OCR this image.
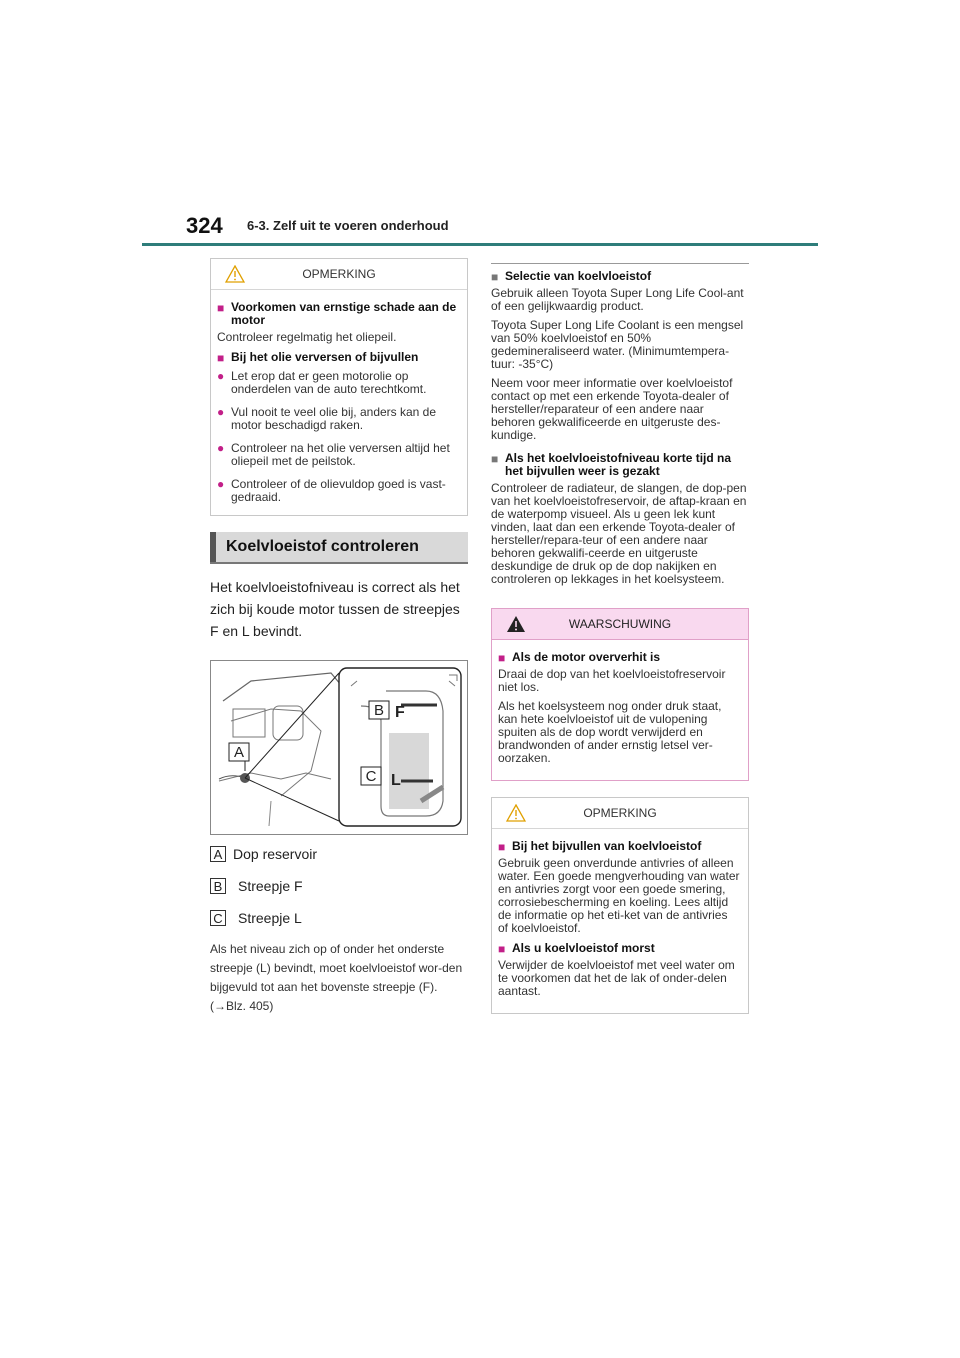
324 6-3. Zelf uit te voeren onderhoud
OPMERKING
■ Voorkomen van ernstige schade aan de motor
Controleer regelmatig het oliepeil.
■ Bij het olie verversen of bijvullen
● Let erop dat er geen motorolie op onderdelen van de auto terechtkomt.
● Vul nooit te veel olie bij, anders kan de motor beschadigd raken.
● Controleer na het olie verversen altijd het oliepeil met de peilstok.
● Controleer of de olievuldop goed is vast-gedraaid.
Koelvloeistof controleren
Het koelvloeistofniveau is correct als het zich bij koude motor tussen de streepjes F en L bevindt.
A
B
C
F
L
A Dop reservoir
B Streepje F
C Streepje L
Als het niveau zich op of onder het onderste streepje (L) bevindt, moet koelvloeistof wor-den bijgevuld tot aan het bovenste streepje (F). (→Blz. 405)
■ Selectie van koelvloeistof
Gebruik alleen Toyota Super Long Life Cool-ant of een gelijkwaardig product.
Toyota Super Long Life Coolant is een mengsel van 50% koelvloeistof en 50% gedemineraliseerd water. (Minimumtempera-tuur: -35°C)
Neem voor meer informatie over koelvloeistof contact op met een erkende Toyota-dealer of hersteller/reparateur of een andere naar behoren gekwalificeerde en uitgeruste des-kundige.
■ Als het koelvloeistofniveau korte tijd na het bijvullen weer is gezakt
Controleer de radiateur, de slangen, de dop-pen van het koelvloeistofreservoir, de aftap-kraan en de waterpomp visueel. Als u geen lek kunt vinden, laat dan een erkende Toyota-dealer of hersteller/repara-teur of een andere naar behoren gekwalifi-ceerde en uitgeruste deskundige de druk op de dop nakijken en controleren op lekkages in het koelsysteem.
WAARSCHUWING
■ Als de motor oververhit is
Draai de dop van het koelvloeistofreservoir niet los.
Als het koelsysteem nog onder druk staat, kan hete koelvloeistof uit de vulopening spuiten als de dop wordt verwijderd en brandwonden of ander ernstig letsel ver-oorzaken.
OPMERKING
■ Bij het bijvullen van koelvloeistof
Gebruik geen onverdunde antivries of alleen water. Een goede mengverhouding van water en antivries zorgt voor een goede smering, corrosiebescherming en koeling. Lees altijd de informatie op het eti-ket van de antivries of koelvloeistof.
■ Als u koelvloeistof morst
Verwijder de koelvloeistof met veel water om te voorkomen dat het de lak of onder-delen aantast.
